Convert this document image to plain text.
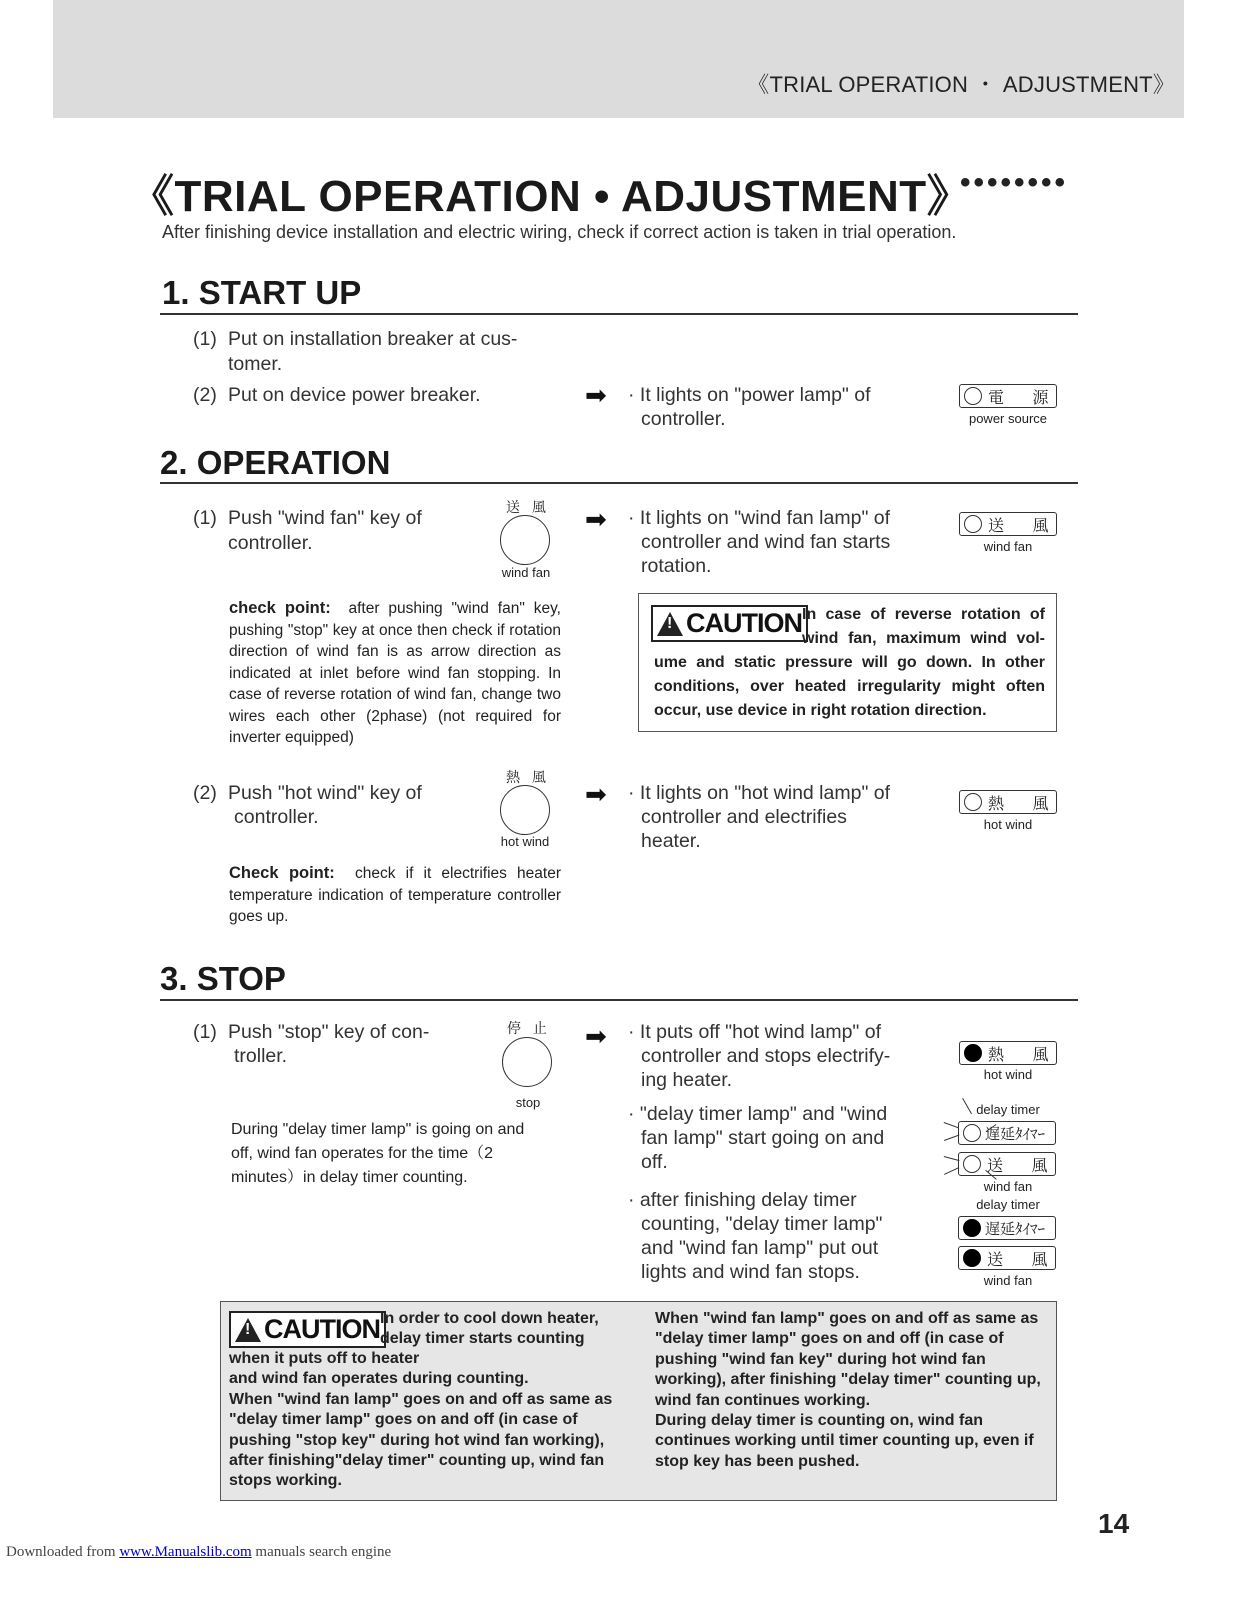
《TRIAL OPERATION ・ ADJUSTMENT》
《TRIAL OPERATION • ADJUSTMENT》
••••••••
After finishing device installation and electric wiring, check if correct action is taken in trial operation.
1. START UP
(1) Put on installation breaker at cus-
tomer.
(2) Put on device power breaker.	➡ · It lights on "power lamp" of
controller.
電 源
power source
2. OPERATION
(1) Push "wind fan" key of
controller.
送 風
wind fan
➡ · It lights on "wind fan lamp" of
controller and wind fan starts
rotation.
送 風
wind fan
check point: after pushing "wind fan" key, pushing "stop" key at once then check if rotation direction of wind fan is as arrow direction as indicated at inlet before wind fan stopping. In case of reverse rotation of wind fan, change two wires each other (2phase) (not required for inverter equipped)
!
CAUTION In case of reverse rotation of wind fan, maximum wind vol-
ume and static pressure will go down. In other conditions, over heated irregularity might often occur, use device in right rotation direction.
(2) Push "hot wind" key of
controller.
熱 風
hot wind
➡ · It lights on "hot wind lamp" of
controller and electrifies
heater.
熱 風
hot wind
Check point: check if it electrifies heater temperature indication of temperature controller goes up.
3. STOP
(1) Push "stop" key of con-
troller.
停 止
stop
During "delay timer lamp" is going on and off, wind fan operates for the time（2 minutes）in delay timer counting.
➡ · It puts off "hot wind lamp" of
controller and stops electrify-
ing heater.
· "delay timer lamp" and "wind
fan lamp" start going on and
off.
· after finishing delay timer
counting, "delay timer lamp"
and "wind fan lamp" put out
lights and wind fan stops.
熱 風
hot wind
delay timer
遅延ﾀｲﾏｰ
送 風
wind fan
delay timer
遅延ﾀｲﾏｰ
送 風
wind fan
!
CAUTION In order to cool down heater, delay timer starts counting
when it puts off to heater
and wind fan operates during counting.
When "wind fan lamp" goes on and off as same as "delay timer lamp" goes on and off (in case of pushing "stop key" during hot wind fan working), after finishing"delay timer" counting up, wind fan stops working.
When "wind fan lamp" goes on and off as same as "delay timer lamp" goes on and off (in case of pushing "wind fan key" during hot wind fan working), after finishing "delay timer" counting up, wind fan continues working.
During delay timer is counting on, wind fan continues working until timer counting up, even if stop key has been pushed.
14
Downloaded from www.Manualslib.com manuals search engine
